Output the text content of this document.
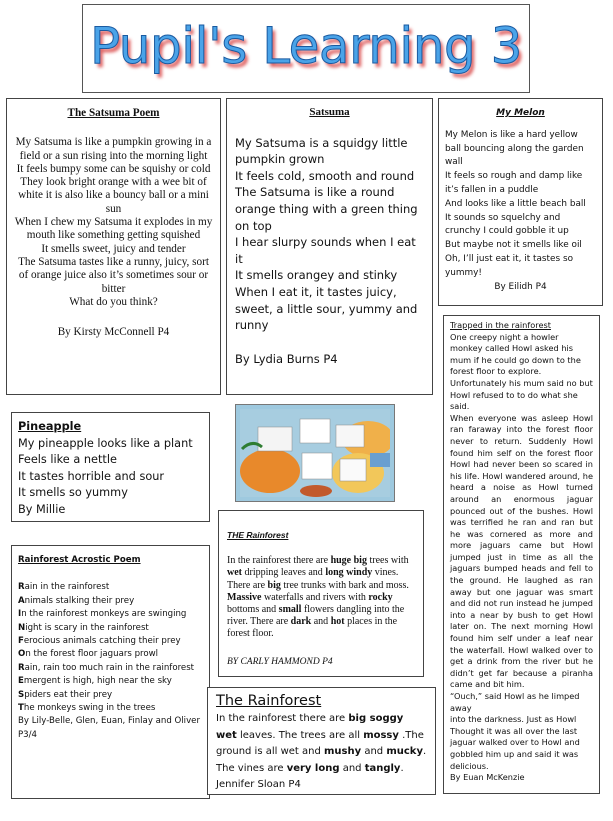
Pupil's Learning 3
The Satsuma Poem

My Satsuma is like a pumpkin growing in a field or a sun rising into the morning light

It feels bumpy some can be squishy or cold

They look bright orange with a wee bit of white it is also like a bouncy ball or a mini sun

When I chew my Satsuma it explodes in my mouth like something getting squished

It smells sweet, juicy and tender

The Satsuma tastes like a runny, juicy, sort of orange juice also it’s sometimes sour or bitter

What do you think?

By Kirsty McConnell P4

Satsuma

My Satsuma is a squidgy little pumpkin grown

It feels cold, smooth and round

The Satsuma is like a round orange thing with a green thing on top

I hear slurpy sounds when I eat it

It smells orangey and stinky

When I eat it, it tastes juicy, sweet, a little sour, yummy and runny

By Lydia Burns P4

My Melon

My Melon is like a hard yellow ball bouncing along the garden wall

It feels so rough and damp like it’s fallen in a puddle

And looks like a little beach ball

It sounds so squelchy and crunchy I could gobble it up

But maybe not it smells like oil

Oh, I’ll just eat it, it tastes so yummy!

By Eilidh P4

Pineapple

My pineapple looks like a plant

Feels like a nettle

It tastes horrible and sour

It smells so yummy

By Millie

THE Rainforest

In the rainforest there are huge big trees with wet dripping leaves and long windy vines. There are big tree trunks with bark and moss. Massive waterfalls and rivers with rocky bottoms and small flowers dangling into the river. There are dark and hot places in the forest floor.

BY CARLY HAMMOND P4

Rainforest Acrostic Poem

Rain in the rainforest

Animals stalking their prey

In the rainforest monkeys are swinging

Night is scary in the rainforest

Ferocious animals catching their prey

On the forest floor jaguars prowl

Rain, rain too much rain in the rainforest

Emergent is high, high near the sky

Spiders eat their prey

The monkeys swing in the trees

By Lily-Belle, Glen, Euan, Finlay and Oliver P3/4

The Rainforest

In the rainforest there are big soggy wet leaves. The trees are all mossy .The ground is all wet and mushy and mucky. The vines are very long and tangly.

Jennifer Sloan P4

Trapped in the rainforest

One creepy night a howler monkey called Howl asked his mum if he could go down to the forest floor to explore. Unfortunately his mum said no but Howl refused to to do what she said.

When everyone was asleep Howl ran faraway into the forest floor never to return. Suddenly Howl found him self on the forest floor Howl had never been so scared in his life. Howl wandered around, he heard a noise as Howl turned around an enormous jaguar pounced out of the bushes. Howl was terrified he ran and ran but he was cornered as more and more jaguars came but Howl jumped just in time as all the jaguars bumped heads and fell to the ground. He laughed as ran away but one jaguar was smart and did not run instead he jumped into a near by bush to get Howl later on. The next morning Howl found him self under a leaf near the waterfall. Howl walked over to get a drink from the river but he didn’t get far because a piranha came and bit him.

“Ouch,” said Howl as he limped away

into the darkness. Just as Howl Thought it was all over the last jaguar walked over to Howl and gobbled him up and said it was delicious.

By Euan McKenzie
